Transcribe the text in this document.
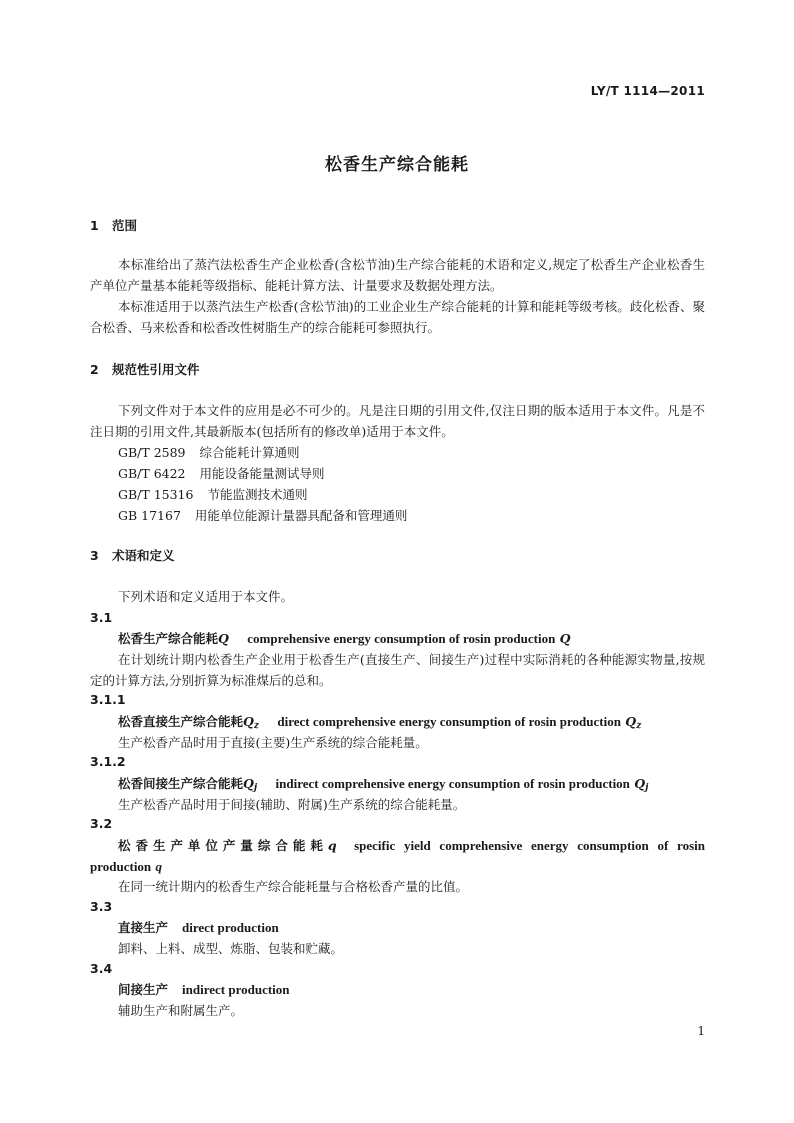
LY/T 1114—2011
松香生产综合能耗
1 范围
本标准给出了蒸汽法松香生产企业松香(含松节油)生产综合能耗的术语和定义,规定了松香生产企业松香生产单位产量基本能耗等级指标、能耗计算方法、计量要求及数据处理方法。
本标准适用于以蒸汽法生产松香(含松节油)的工业企业生产综合能耗的计算和能耗等级考核。歧化松香、聚合松香、马来松香和松香改性树脂生产的综合能耗可参照执行。
2 规范性引用文件
下列文件对于本文件的应用是必不可少的。凡是注日期的引用文件,仅注日期的版本适用于本文件。凡是不注日期的引用文件,其最新版本(包括所有的修改单)适用于本文件。
GB/T 2589 综合能耗计算通则
GB/T 6422 用能设备能量测试导则
GB/T 15316 节能监测技术通则
GB 17167 用能单位能源计量器具配备和管理通则
3 术语和定义
下列术语和定义适用于本文件。
3.1
松香生产综合能耗Q comprehensive energy consumption of rosin production Q
在计划统计期内松香生产企业用于松香生产(直接生产、间接生产)过程中实际消耗的各种能源实物量,按规定的计算方法,分别折算为标准煤后的总和。
3.1.1
松香直接生产综合能耗$Q_z$ direct comprehensive energy consumption of rosin production $Q_z$
生产松香产品时用于直接(主要)生产系统的综合能耗量。
3.1.2
松香间接生产综合能耗$Q_j$ indirect comprehensive energy consumption of rosin production $Q_j$
生产松香产品时用于间接(辅助、附属)生产系统的综合能耗量。
3.2
松香生产单位产量综合能耗q specific yield comprehensive energy consumption of rosin production q
在同一统计期内的松香生产综合能耗量与合格松香产量的比值。
3.3
直接生产 direct production
卸料、上料、成型、炼脂、包装和贮藏。
3.4
间接生产 indirect production
辅助生产和附属生产。
1
